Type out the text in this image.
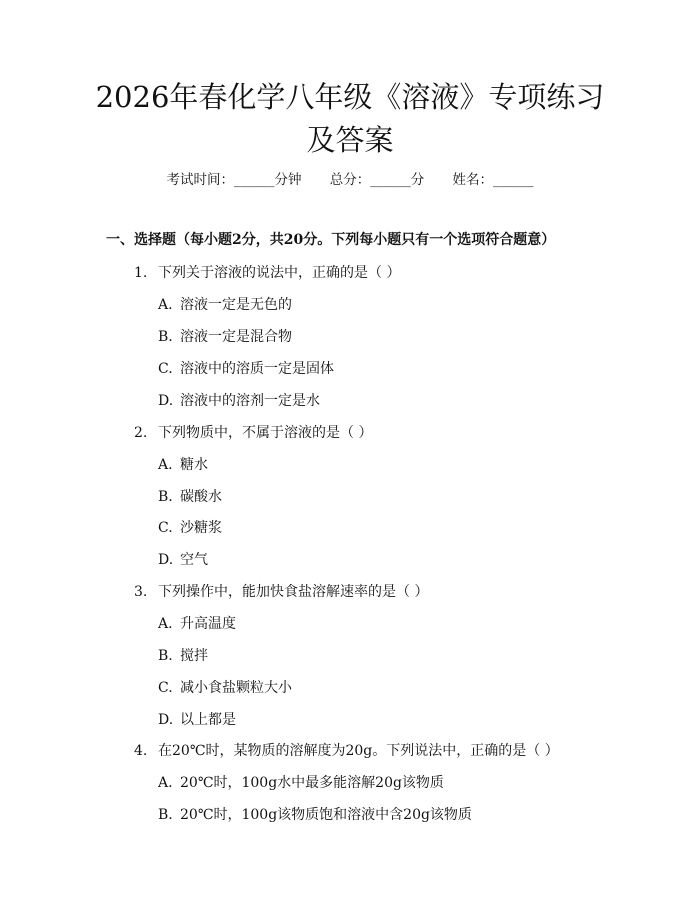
2026年春化学八年级《溶液》专项练习及答案
考试时间：______分钟 总分：______分 姓名：______
一、选择题（每小题2分，共20分。下列每小题只有一个选项符合题意）
1. 下列关于溶液的说法中，正确的是（ ）
A. 溶液一定是无色的
B. 溶液一定是混合物
C. 溶液中的溶质一定是固体
D. 溶液中的溶剂一定是水
2. 下列物质中，不属于溶液的是（ ）
A. 糖水
B. 碳酸水
C. 沙糖浆
D. 空气
3. 下列操作中，能加快食盐溶解速率的是（ ）
A. 升高温度
B. 搅拌
C. 减小食盐颗粒大小
D. 以上都是
4. 在20℃时，某物质的溶解度为20g。下列说法中，正确的是（ ）
A. 20℃时，100g水中最多能溶解20g该物质
B. 20℃时，100g该物质饱和溶液中含20g该物质
